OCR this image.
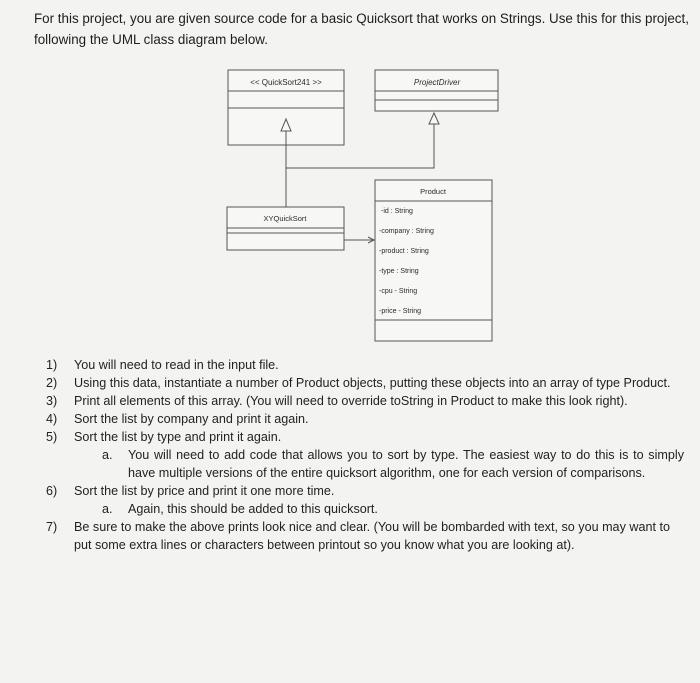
For this project, you are given source code for a basic Quicksort that works on Strings. Use this for this project, following the UML class diagram below.
<< QuickSort241 >>	ProjectDriver
XYQuickSort
Product
-id : String
-company : String
-product : String
-type : String
-cpu - String
-price - String
1) You will need to read in the input file.
2) Using this data, instantiate a number of Product objects, putting these objects into an array of type Product.
3) Print all elements of this array. (You will need to override toString in Product to make this look right).
4) Sort the list by company and print it again.
5) Sort the list by type and print it again.
a. You will need to add code that allows you to sort by type. The easiest way to do this is to simply have multiple versions of the entire quicksort algorithm, one for each version of comparisons.
6) Sort the list by price and print it one more time.
a. Again, this should be added to this quicksort.
7) Be sure to make the above prints look nice and clear. (You will be bombarded with text, so you may want to put some extra lines or characters between printout so you know what you are looking at).
